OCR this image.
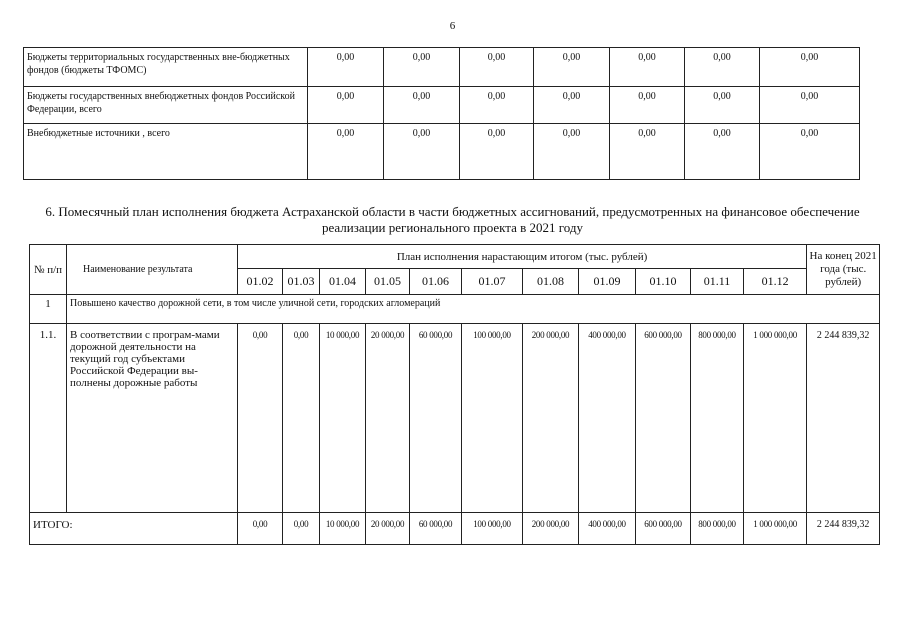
6
Бюджеты территориальных государственных вне-бюджетных фондов (бюджеты ТФОМС)	0,00	0,00	0,00	0,00	0,00	0,00	0,00
Бюджеты государственных внебюджетных фондов Российской Федерации, всего	0,00	0,00	0,00	0,00	0,00	0,00	0,00
Внебюджетные источники , всего	0,00	0,00	0,00	0,00	0,00	0,00	0,00
6. Помесячный план исполнения бюджета Астраханской области в части бюджетных ассигнований, предусмотренных на финансовое обеспечение реализации регионального проекта в 2021 году
№ п/п	Наименование результата	План исполнения нарастающим итогом (тыс. рублей)											На конец 2021 года (тыс. рублей)
		01.02	01.03	01.04	01.05	01.06	01.07	01.08	01.09	01.10	01.11	01.12	
1	Повышено качество дорожной сети, в том числе уличной сети, городских агломераций												
1.1.	В соответствии с програм-мами дорожной деятельности на текущий год субъектами Российской Федерации вы-полнены дорожные работы	0,00	0,00	10 000,00	20 000,00	60 000,00	100 000,00	200 000,00	400 000,00	600 000,00	800 000,00	1 000 000,00	2 244 839,32
ИТОГО:		0,00	0,00	10 000,00	20 000,00	60 000,00	100 000,00	200 000,00	400 000,00	600 000,00	800 000,00	1 000 000,00	2 244 839,32
